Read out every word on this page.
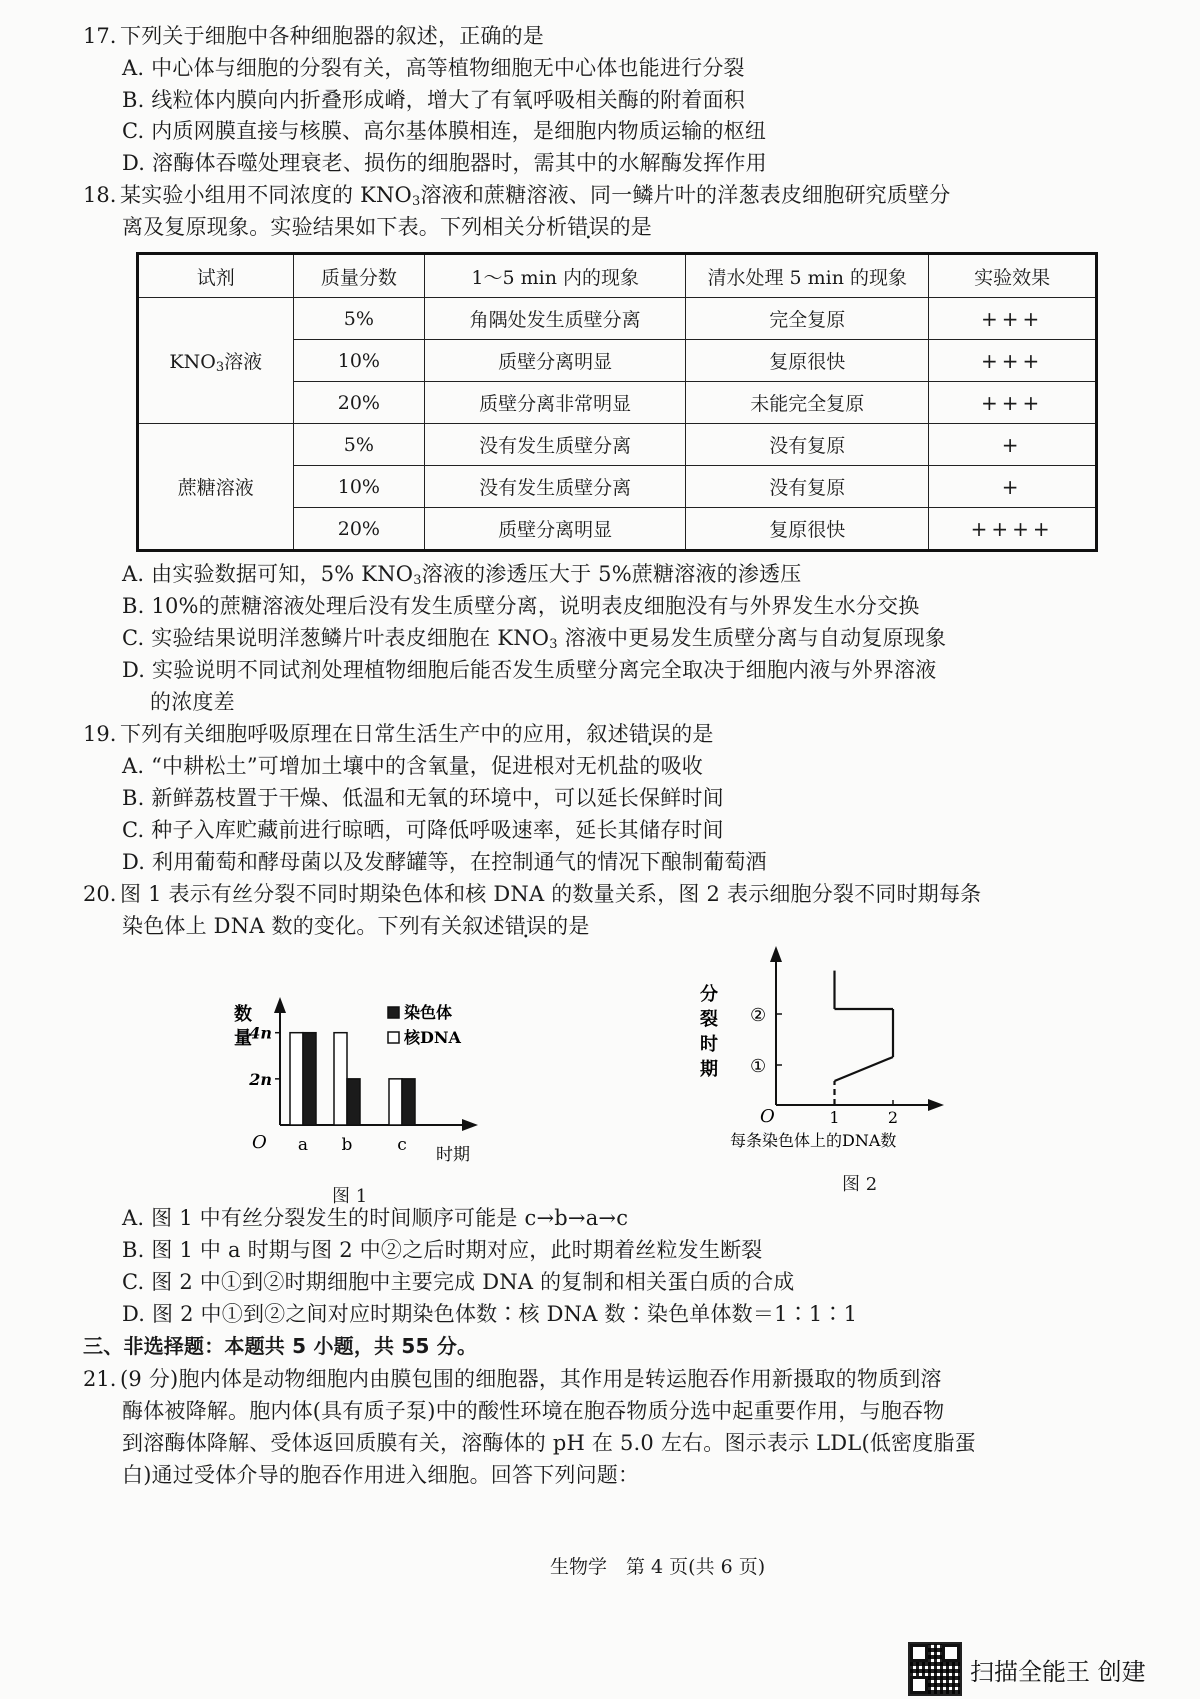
17. 下列关于细胞中各种细胞器的叙述，正确的是
A. 中心体与细胞的分裂有关，高等植物细胞无中心体也能进行分裂
B. 线粒体内膜向内折叠形成嵴，增大了有氧呼吸相关酶的附着面积
C. 内质网膜直接与核膜、高尔基体膜相连，是细胞内物质运输的枢纽
D. 溶酶体吞噬处理衰老、损伤的细胞器时，需其中的水解酶发挥作用
18. 某实验小组用不同浓度的 $KNO_3$溶液和蔗糖溶液、同一鳞片叶的洋葱表皮细胞研究质壁分
离及复原现象。实验结果如下表。下列相关分析错误的是
试剂	质量分数	1～5 min 内的现象	清水处理 5 min 的现象	实验效果
$KNO_3$溶液	5%	角隅处发生质壁分离	完全复原	+++
	10%	质壁分离明显	复原很快	+++
	20%	质壁分离非常明显	未能完全复原	+++
蔗糖溶液	5%	没有发生质壁分离	没有复原	+
	10%	没有发生质壁分离	没有复原	+
	20%	质壁分离明显	复原很快	++++
A. 由实验数据可知，5% $KNO_3$溶液的渗透压大于 5%蔗糖溶液的渗透压
B. 10%的蔗糖溶液处理后没有发生质壁分离，说明表皮细胞没有与外界发生水分交换
C. 实验结果说明洋葱鳞片叶表皮细胞在 $KNO_3$ 溶液中更易发生质壁分离与自动复原现象
D. 实验说明不同试剂处理植物细胞后能否发生质壁分离完全取决于细胞内液与外界溶液
的浓度差
19. 下列有关细胞呼吸原理在日常生活生产中的应用，叙述错误的是
A. “中耕松土”可增加土壤中的含氧量，促进根对无机盐的吸收
B. 新鲜荔枝置于干燥、低温和无氧的环境中，可以延长保鲜时间
C. 种子入库贮藏前进行晾晒，可降低呼吸速率，延长其储存时间
D. 利用葡萄和酵母菌以及发酵罐等，在控制通气的情况下酿制葡萄酒
20. 图 1 表示有丝分裂不同时期染色体和核 DNA 的数量关系，图 2 表示细胞分裂不同时期每条
染色体上 DNA 数的变化。下列有关叙述错误的是
数
量
O
2n
4n
a b	c 时期
染色体
核DNA
图 1
分
裂
时
期
O
①
②
1	2
每条染色体上的DNA数
图 2
A. 图 1 中有丝分裂发生的时间顺序可能是 c→b→a→c
B. 图 1 中 a 时期与图 2 中②之后时期对应，此时期着丝粒发生断裂
C. 图 2 中①到②时期细胞中主要完成 DNA 的复制和相关蛋白质的合成
D. 图 2 中①到②之间对应时期染色体数∶核 DNA 数∶染色单体数＝1∶1∶1
三、非选择题：本题共 5 小题，共 55 分。
21. (9 分)胞内体是动物细胞内由膜包围的细胞器，其作用是转运胞吞作用新摄取的物质到溶
酶体被降解。胞内体(具有质子泵)中的酸性环境在胞吞物质分选中起重要作用，与胞吞物
到溶酶体降解、受体返回质膜有关，溶酶体的 pH 在 5.0 左右。图示表示 LDL(低密度脂蛋
白)通过受体介导的胞吞作用进入细胞。回答下列问题：
生物学　第 4 页(共 6 页)
扫描全能王 创建
